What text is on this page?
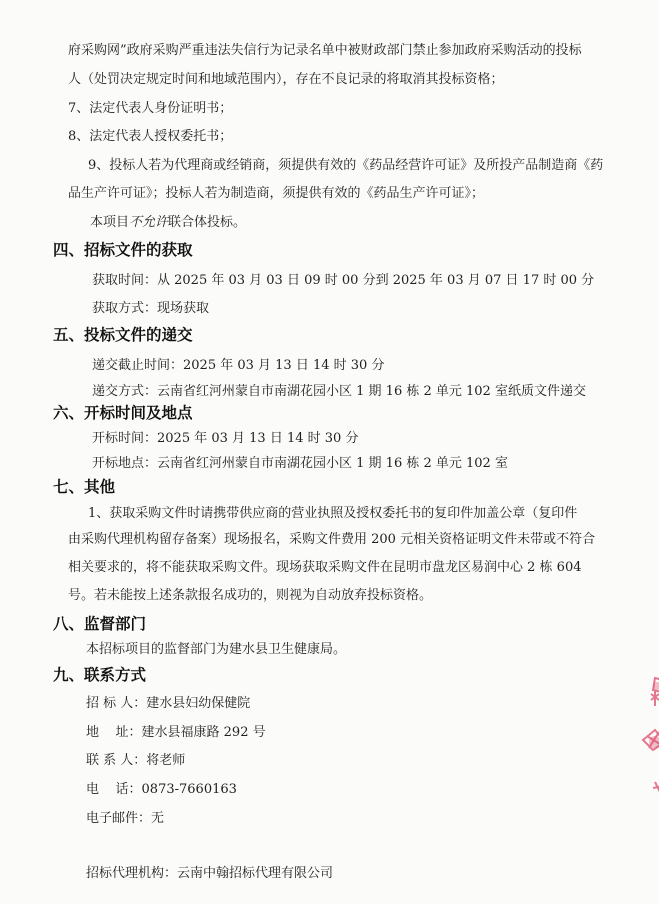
府采购网”政府采购严重违法失信行为记录名单中被财政部门禁止参加政府采购活动的投标
人（处罚决定规定时间和地域范围内），存在不良记录的将取消其投标资格；
7、法定代表人身份证明书；
8、法定代表人授权委托书；
9、投标人若为代理商或经销商，须提供有效的《药品经营许可证》及所投产品制造商《药
品生产许可证》；投标人若为制造商，须提供有效的《药品生产许可证》；
本项目不允许联合体投标。
四、招标文件的获取
获取时间：从 2025 年 03 月 03 日 09 时 00 分到 2025 年 03 月 07 日 17 时 00 分
获取方式：现场获取
五、投标文件的递交
递交截止时间：2025 年 03 月 13 日 14 时 30 分
递交方式：云南省红河州蒙自市南湖花园小区 1 期 16 栋 2 单元 102 室纸质文件递交
六、开标时间及地点
开标时间：2025 年 03 月 13 日 14 时 30 分
开标地点：云南省红河州蒙自市南湖花园小区 1 期 16 栋 2 单元 102 室
七、其他
1、获取采购文件时请携带供应商的营业执照及授权委托书的复印件加盖公章（复印件
由采购代理机构留存备案）现场报名，采购文件费用 200 元相关资格证明文件未带或不符合
相关要求的，将不能获取采购文件。现场获取采购文件在昆明市盘龙区易润中心 2 栋 604
号。若未能按上述条款报名成功的，则视为自动放弃投标资格。
八、监督部门
本招标项目的监督部门为建水县卫生健康局。
九、联系方式
招 标 人：建水县妇幼保健院
地    址：建水县福康路 292 号
联 系 人：将老师
电    话：0873-7660163
电子邮件：无
招标代理机构：云南中翰招标代理有限公司
